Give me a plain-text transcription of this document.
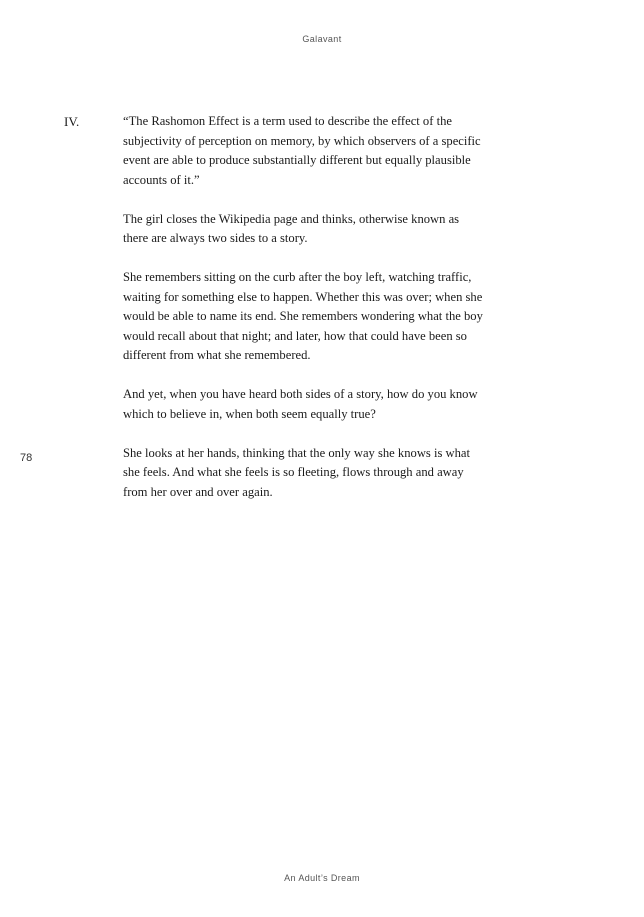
Galavant
IV.	“The Rashomon Effect is a term used to describe the effect of the subjectivity of perception on memory, by which observers of a specific event are able to produce substantially different but equally plausible accounts of it.”

The girl closes the Wikipedia page and thinks, otherwise known as there are always two sides to a story.

She remembers sitting on the curb after the boy left, watching traffic, waiting for something else to happen. Whether this was over; when she would be able to name its end. She remembers wondering what the boy would recall about that night; and later, how that could have been so different from what she remembered.

And yet, when you have heard both sides of a story, how do you know which to believe in, when both seem equally true?

She looks at her hands, thinking that the only way she knows is what she feels. And what she feels is so fleeting, flows through and away from her over and over again.

78
An Adult’s Dream
